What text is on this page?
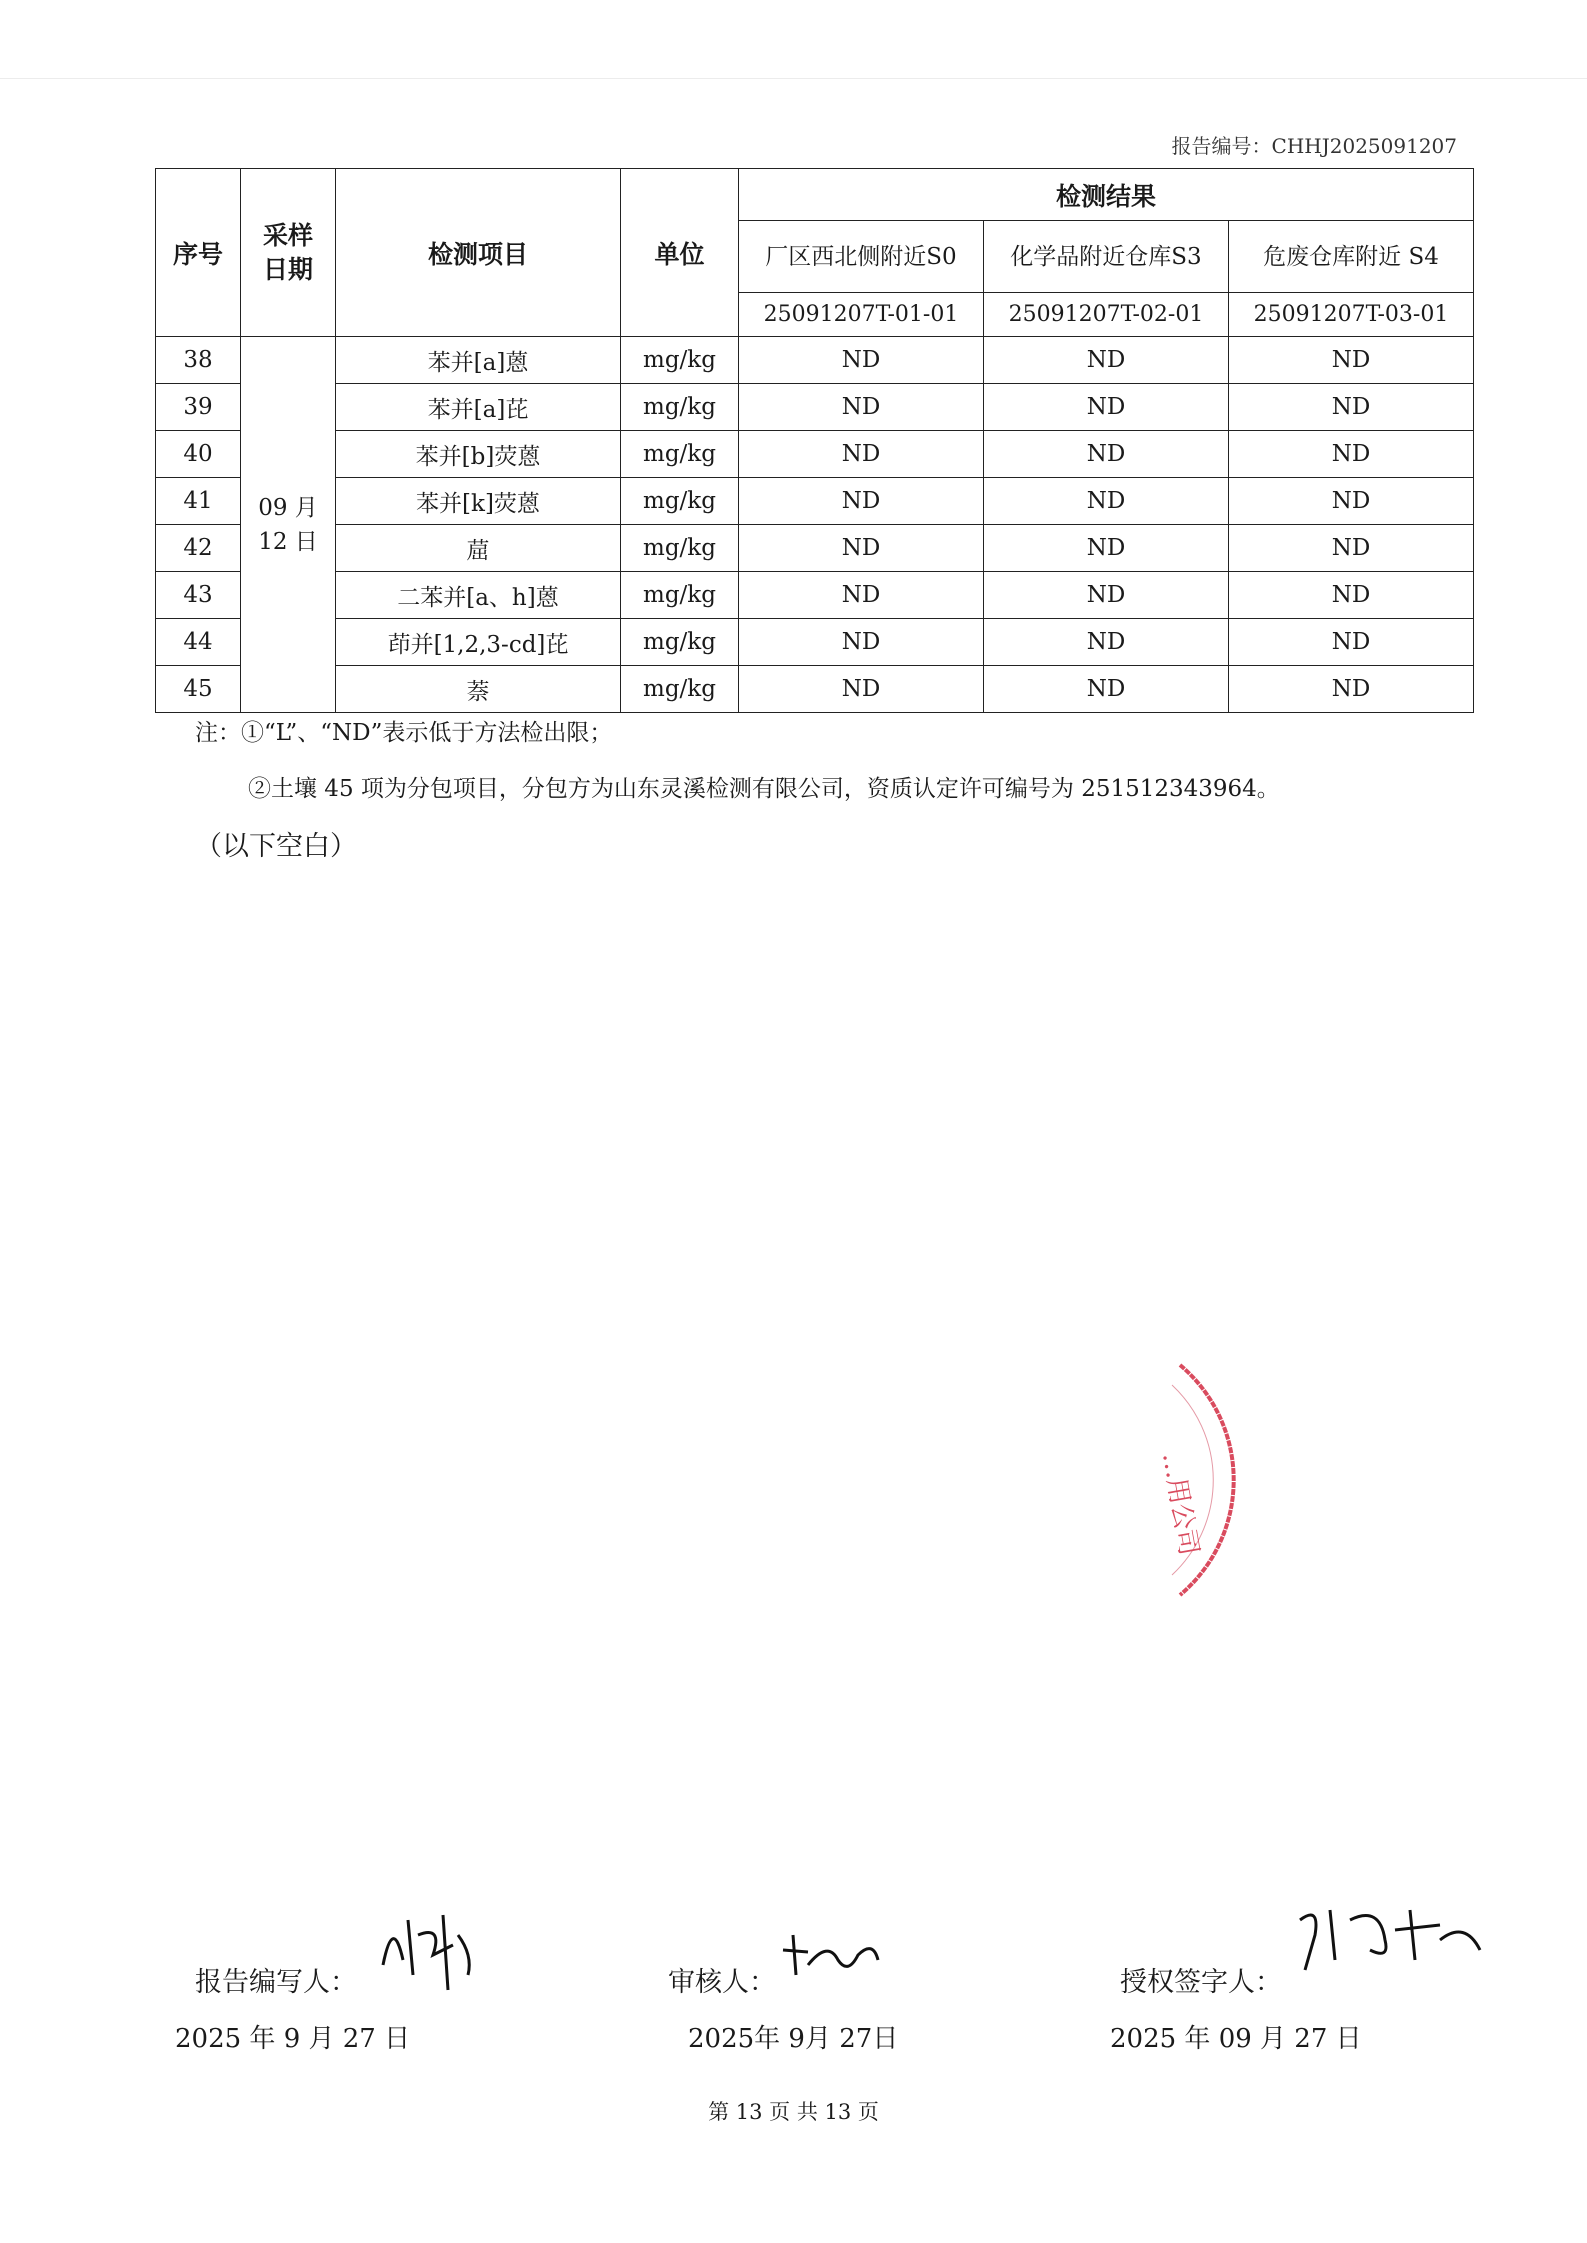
报告编号：CHHJ2025091207
序号	采样日期	检测项目	单位	检测结果		
				厂区西北侧附近S0	化学品附近仓库S3	危废仓库附近 S4
				25091207T-01-01	25091207T-02-01	25091207T-03-01
38	09 月 12 日	苯并[a]蒽	mg/kg	ND	ND	ND
39		苯并[a]芘	mg/kg	ND	ND	ND
40		苯并[b]荧蒽	mg/kg	ND	ND	ND
41		苯并[k]荧蒽	mg/kg	ND	ND	ND
42		䓛	mg/kg	ND	ND	ND
43		二苯并[a、h]蒽	mg/kg	ND	ND	ND
44		茚并[1,2,3-cd]芘	mg/kg	ND	ND	ND
45		萘	mg/kg	ND	ND	ND
注：①“L”、“ND”表示低于方法检出限；
②土壤 45 项为分包项目，分包方为山东灵溪检测有限公司，资质认定许可编号为 251512343964。
（以下空白）
…用公司
报告编写人：
2025 年 9 月 27 日
审核人：
2025年 9月 27日
授权签字人：
2025 年 09 月 27 日
第 13 页 共 13 页
